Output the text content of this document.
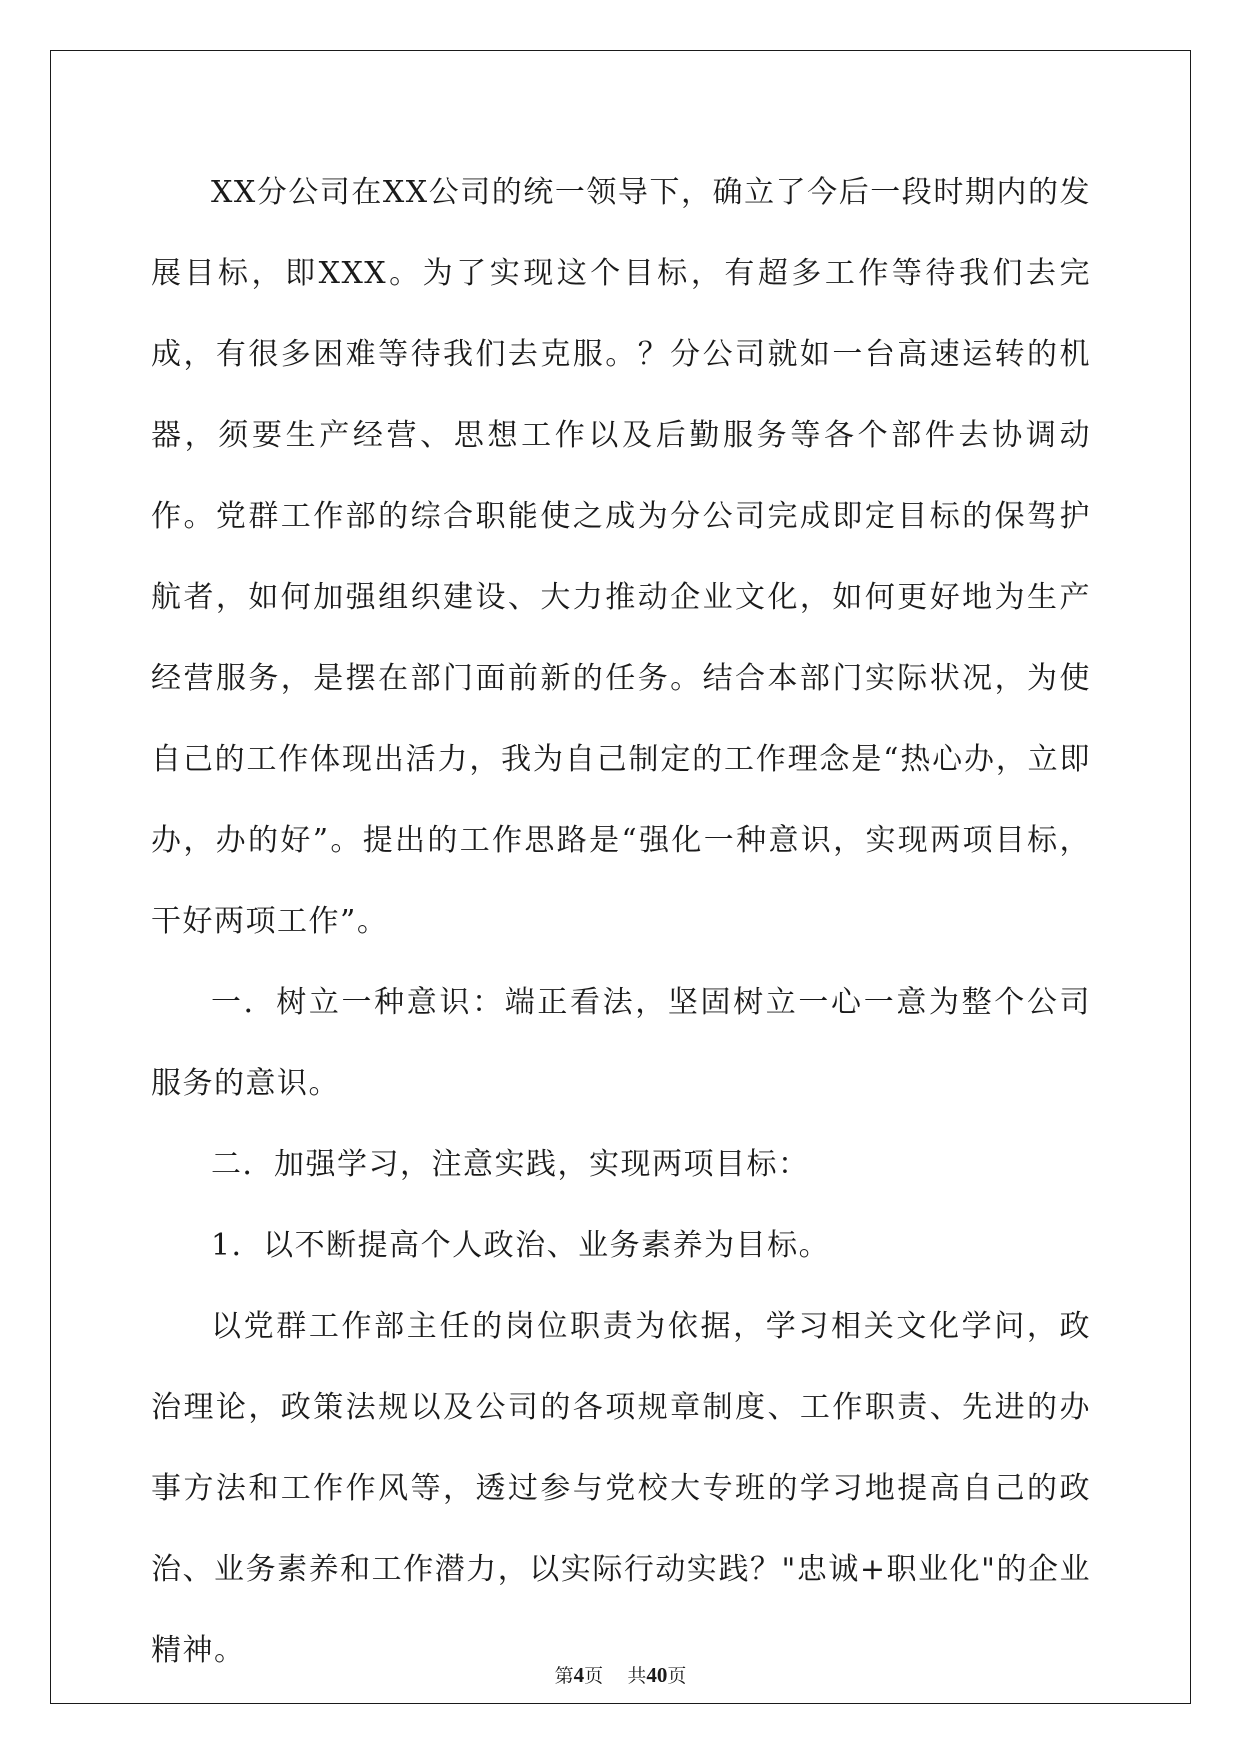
XX分公司在XX公司的统一领导下，确立了今后一段时期内的发展目标，即XXX。为了实现这个目标，有超多工作等待我们去完成，有很多困难等待我们去克服。？分公司就如一台高速运转的机器，须要生产经营、思想工作以及后勤服务等各个部件去协调动作。党群工作部的综合职能使之成为分公司完成即定目标的保驾护航者，如何加强组织建设、大力推动企业文化，如何更好地为生产经营服务，是摆在部门面前新的任务。结合本部门实际状况，为使自己的工作体现出活力，我为自己制定的工作理念是“热心办，立即办，办的好”。提出的工作思路是“强化一种意识，实现两项目标，干好两项工作”。

一．树立一种意识：端正看法，坚固树立一心一意为整个公司服务的意识。

二．加强学习，注意实践，实现两项目标：

1．以不断提高个人政治、业务素养为目标。

以党群工作部主任的岗位职责为依据，学习相关文化学问，政治理论，政策法规以及公司的各项规章制度、工作职责、先进的办事方法和工作作风等，透过参与党校大专班的学习地提高自己的政治、业务素养和工作潜力，以实际行动实践？"忠诚+职业化"的企业精神。

第4页 共40页
